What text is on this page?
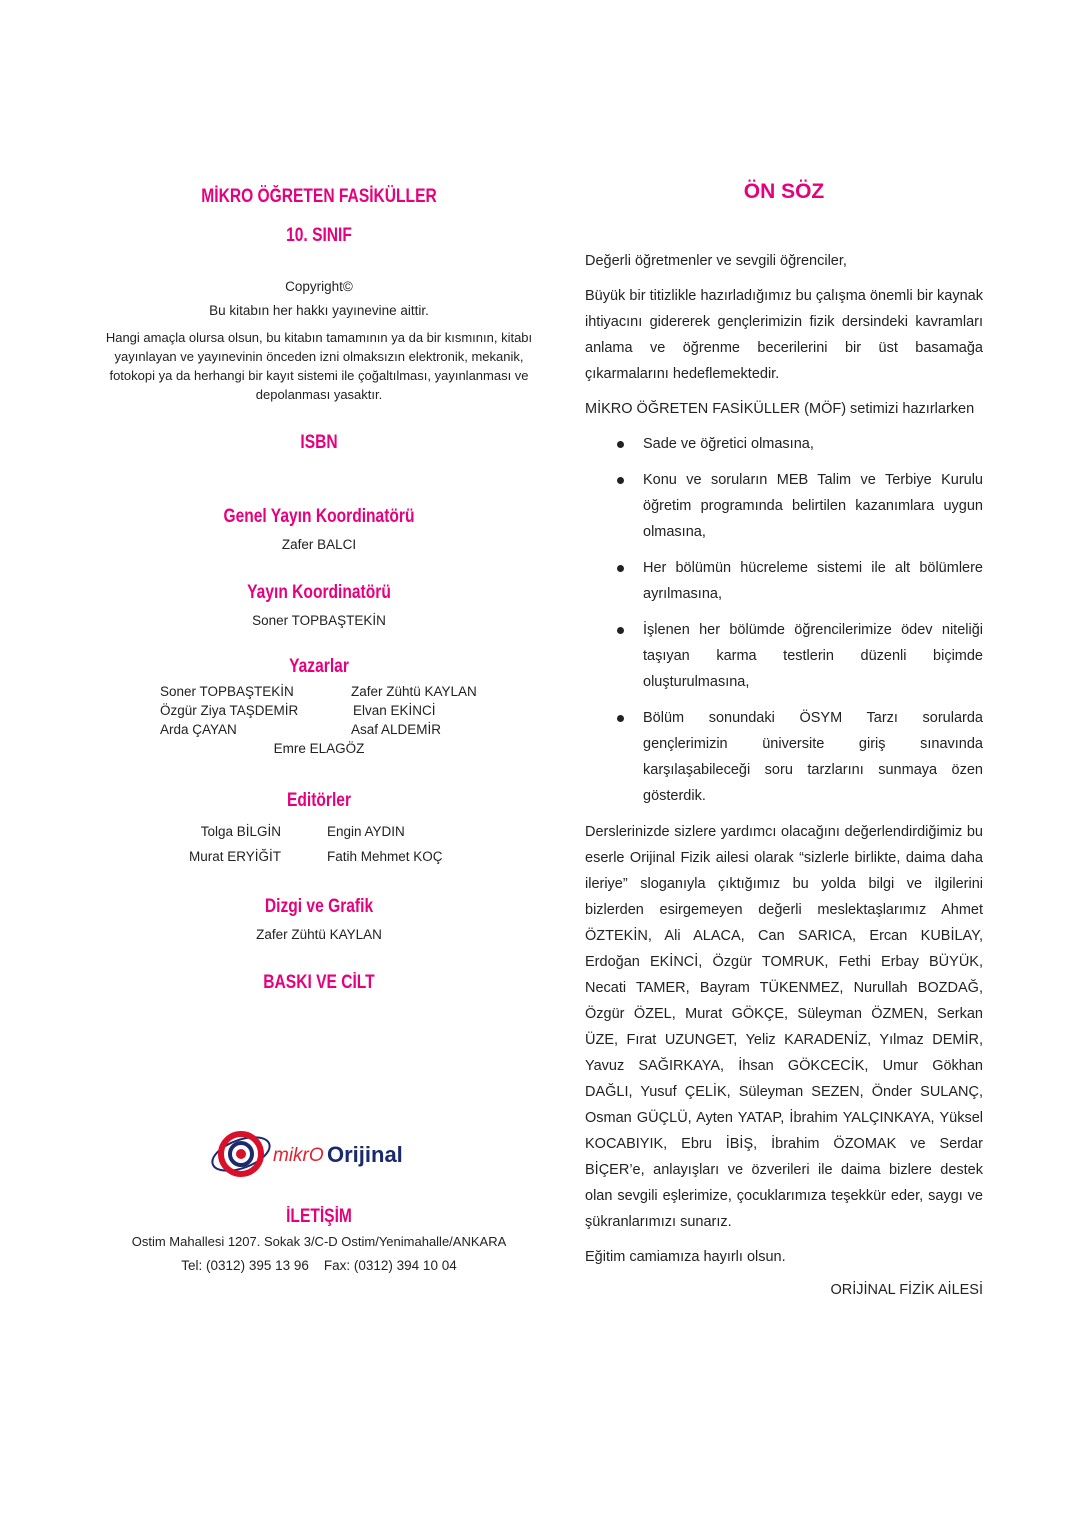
MİKRO ÖĞRETEN FASİKÜLLER
10. SINIF
Copyright©
Bu kitabın her hakkı yayınevine aittir.
Hangi amaçla olursa olsun, bu kitabın tamamının ya da bir kısmının, kitabı yayınlayan ve yayınevinin önceden izni olmaksızın elektronik, mekanik, fotokopi ya da herhangi bir kayıt sistemi ile çoğaltılması, yayınlanması ve depolanması yasaktır.
ISBN
Genel Yayın Koordinatörü
Zafer BALCI
Yayın Koordinatörü
Soner TOPBAŞTEKİN
Yazarlar
Soner TOPBAŞTEKİN	Zafer Zühtü KAYLAN
Özgür Ziya TAŞDEMİR	Elvan EKİNCİ
Arda ÇAYAN	Asaf ALDEMİR
Emre ELAGÖZ
Editörler
Tolga BİLGİN	Engin AYDIN
Murat ERYİĞİT	Fatih Mehmet KOÇ
Dizgi ve Grafik
Zafer Zühtü KAYLAN
BASKI VE CİLT
mikrO Orijinal
İLETİŞİM
Ostim Mahallesi 1207. Sokak 3/C-D Ostim/Yenimahalle/ANKARA
Tel: (0312) 395 13 96    Fax: (0312) 394 10 04
ÖN SÖZ

Değerli öğretmenler ve sevgili öğrenciler,

Büyük bir titizlikle hazırladığımız bu çalışma önemli bir kaynak ihtiyacını gidererek gençlerimizin fizik dersindeki kavramları anlama ve öğrenme becerilerini bir üst basamağa çıkarmalarını hedeflemektedir.

MİKRO ÖĞRETEN FASİKÜLLER (MÖF) setimizi hazırlarken

Sade ve öğretici olmasına,
Konu ve soruların MEB Talim ve Terbiye Kurulu öğretim programında belirtilen kazanımlara uygun olmasına,
Her bölümün hücreleme sistemi ile alt bölümlere ayrılmasına,
İşlenen her bölümde öğrencilerimize ödev niteliği taşıyan karma testlerin düzenli biçimde oluşturulmasına,
Bölüm sonundaki ÖSYM Tarzı sorularda gençlerimizin üniversite giriş sınavında karşılaşabileceği soru tarzlarını sunmaya özen gösterdik.

Derslerinizde sizlere yardımcı olacağını değerlendirdiğimiz bu eserle Orijinal Fizik ailesi olarak “sizlerle birlikte, daima daha ileriye” sloganıyla çıktığımız bu yolda bilgi ve ilgilerini bizlerden esirgemeyen değerli meslektaşlarımız Ahmet ÖZTEKİN, Ali ALACA, Can SARICA, Ercan KUBİLAY, Erdoğan EKİNCİ, Özgür TOMRUK, Fethi Erbay BÜYÜK, Necati TAMER, Bayram TÜKENMEZ, Nurullah BOZDAĞ, Özgür ÖZEL, Murat GÖKÇE, Süleyman ÖZMEN, Serkan ÜZE, Fırat UZUNGET, Yeliz KARADENİZ, Yılmaz DEMİR, Yavuz SAĞIRKAYA, İhsan GÖKCECİK, Umur Gökhan DAĞLI, Yusuf ÇELİK, Süleyman SEZEN, Önder SULANÇ, Osman GÜÇLÜ, Ayten YATAP, İbrahim YALÇINKAYA, Yüksel KOCABIYIK, Ebru İBİŞ, İbrahim ÖZOMAK ve Serdar BİÇER’e, anlayışları ve özverileri ile daima bizlere destek olan sevgili eşlerimize, çocuklarımıza teşekkür eder, saygı ve şükranlarımızı sunarız.

Eğitim camiamıza hayırlı olsun.

ORİJİNAL FİZİK AİLESİ
